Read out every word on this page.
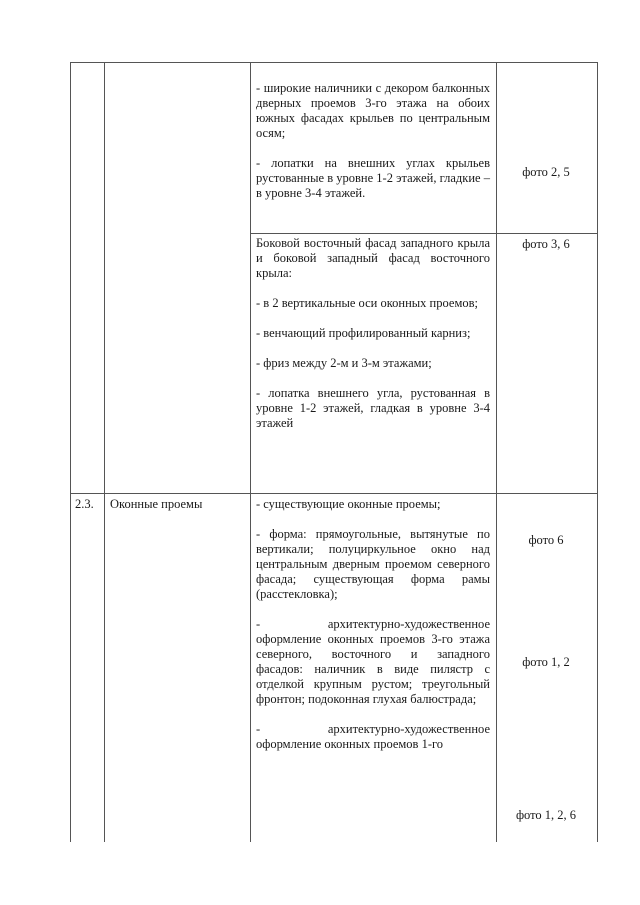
- широкие наличники с декором балконных дверных проемов 3-го этажа на обоих южных фасадах крыльев по центральным осям;

- лопатки на внешних углах крыльев рустованные в уровне 1-2 этажей, гладкие – в уровне 3-4 этажей.

фото 2, 5

Боковой восточный фасад западного крыла и боковой западный фасад восточного крыла:

- в 2 вертикальные оси оконных проемов;

- венчающий профилированный карниз;

- фриз между 2-м и 3-м этажами;

- лопатка внешнего угла, рустованная в уровне 1-2 этажей, гладкая в уровне 3-4 этажей

фото 3, 6
2.3. Оконные проемы	- существующие оконные проемы;

- форма: прямоугольные, вытянутые по вертикали; полуциркульное окно над центральным дверным проемом северного фасада; существующая форма рамы (расстекловка);

- архитектурно-художественное оформление оконных проемов 3-го этажа северного, восточного и западного фасадов: наличник в виде пилястр с отделкой крупным рустом; треугольный фронтон; подоконная глухая балюстрада;

- архитектурно-художественное оформление оконных проемов 1-го

фото 6
фото 1, 2
фото 1, 2, 6
